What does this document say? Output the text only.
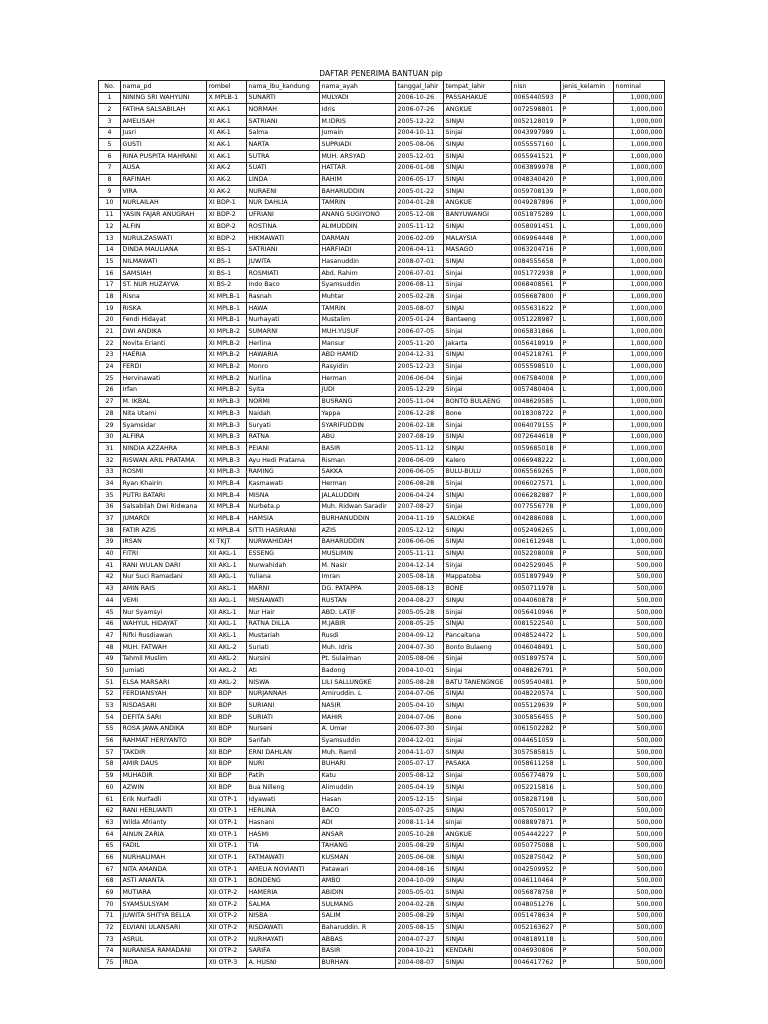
DAFTAR PENERIMA BANTUAN pip
No.	nama_pd	rombel	nama_ibu_kandung	nama_ayah	tanggal_lahir	tempat_lahir	nisn	jenis_kelamin	nominal
1	NINING SRI WAHYUNI	X MPLB-1	SUNARTI	MULYADI	2006-10-26	PASSAHAKUE	0065440593	P	1,000,000
2	FATIHA SALSABILAH	XI AK-1	NORMAH	Idris	2006-07-26	ANGKUE	0072598801	P	1,000,000
3	AMELISAH	XI AK-1	SATRIANI	M.IDRIS	2005-12-22	SINJAI	0052128019	P	1,000,000
4	Jusri	XI AK-1	Salma	Jumain	2004-10-11	Sinjai	0043997989	L	1,000,000
5	GUSTI	XI AK-1	NARTA	SUPRIADI	2005-08-06	SINJAI	0055557160	L	1,000,000
6	RINA PUSPITA MAHRANI	XI AK-1	SUTRA	MUH. ARSYAD	2005-12-01	SINJAI	0055941521	P	1,000,000
7	AUSA	XI AK-2	SUATI	HATTAR	2006-01-08	SINJAI	0063899978	P	1,000,000
8	RAFINAH	XI AK-2	LINDA	RAHIM	2006-05-17	SINJAI	0048340420	P	1,000,000
9	VIRA	XI AK-2	NURAENI	BAHARUDDIN	2005-01-22	SINJAI	0059708139	P	1,000,000
10	NURLAILAH	XI BDP-1	NUR DAHLIA	TAMRIN	2004-01-28	ANGKUE	0049287896	P	1,000,000
11	YASIN FAJAR ANUGRAH	XI BDP-2	UFRIANI	ANANG SUGIYONO	2005-12-08	BANYUWANGI	0051875289	L	1,000,000
12	ALFIN	XI BDP-2	ROSTINA	ALIMUDDIN	2005-11-12	SINJAI	0058091451	L	1,000,000
13	NURULZASWATI	XI BDP-2	HIKMAWATI	DARMAN	2006-02-09	MALAYSIA	0069964448	P	1,000,000
14	DINDA MAULIANA	XI BS-1	SATRIANI	HARFIADI	2006-04-11	MASAGO	0063204716	P	1,000,000
15	NILMAWATI	XI BS-1	JUWITA	Hasanuddin	2008-07-01	SINJAI	0084555658	P	1,000,000
16	SAMSIAH	XI BS-1	ROSMIATI	Abd. Rahim	2006-07-01	Sinjai	0051772938	P	1,000,000
17	ST. NUR HUZAYVA	XI BS-2	Indo Baco	Syamsuddin	2006-08-11	Sinjai	0068408561	P	1,000,000
18	Risna	XI MPLB-1	Rasnah	Muhtar	2005-02-28	Sinjai	0056687800	P	1,000,000
19	RISKA	XI MPLB-1	HAWA	TAMRIN	2005-08-07	SINJAI	0055631622	P	1,000,000
20	Fendi Hidayat	XI MPLB-1	Nurhayati	Mustalim	2005-01-24	Bantaeng	0051228987	L	1,000,000
21	DWI ANDIKA	XI MPLB-2	SUMARNI	MUH.YUSUF	2006-07-05	Sinjai	0065831866	L	1,000,000
22	Novita Erianti	XI MPLB-2	Herlina	Mansur	2005-11-20	Jakarta	0056418919	P	1,000,000
23	HAERIA	XI MPLB-2	HAWARIA	ABD HAMID	2004-12-31	SINJAI	0045218761	P	1,000,000
24	FERDI	XI MPLB-2	Monro	Rasyidin	2005-12-23	Sinjai	0055598510	L	1,000,000
25	Hervinawati	XI MPLB-2	Nurlina	Herman	2006-06-04	Sinjai	0067584008	P	1,000,000
26	Irfan	XI MPLB-2	Syita	JUDI	2005-12-29	Sinjai	0057480404	L	1,000,000
27	M. IKBAL	XI MPLB-3	NORMI	BUSRANG	2005-11-04	BONTO BULAENG	0048629585	L	1,000,000
28	Nita Utami	XI MPLB-3	Naidah	Yappa	2006-12-28	Bone	0018308722	P	1,000,000
29	Syamsidar	XI MPLB-3	Suryati	SYARIFUDDIN	2006-02-18	Sinjai	0064079155	P	1,000,000
30	ALFIRA	XI MPLB-3	RATNA	ABU	2007-08-19	SINJAI	0072644618	P	1,000,000
31	NINDIA AZZAHRA	XI MPLB-3	PEIANI	BASIR	2005-11-12	SINJAI	0059685018	P	1,000,000
32	RISWAN ARIL PRATAMA	XI MPLB-3	Ayu Hedi Pratama	Risman	2006-06-09	Kalero	0066948222	L	1,000,000
33	ROSMI	XI MPLB-3	RAMING	SAKKA	2006-06-05	BULU-BULU	0065569265	P	1,000,000
34	Ryan Khairin	XI MPLB-4	Kasmawati	Herman	2006-08-28	Sinjai	0066027571	L	1,000,000
35	PUTRI BATARI	XI MPLB-4	MISNA	JALALUDDIN	2006-04-24	SINJAI	0066282887	P	1,000,000
36	Salsabilah Dwi Ridwana	XI MPLB-4	Nurbeta.p	Muh. Ridwan Saradir	2007-08-27	Sinjai	0077556778	P	1,000,000
37	JUMARDI	XI MPLB-4	HAMSIA	BURHANUDDIN	2004-11-19	SALOKAE	0042886088	L	1,000,000
38	FATIR AZIS	XI MPLB-4	SITTI HASRIANI	AZIS	2005-12-12	SINJAI	0052496265	L	1,000,000
39	IRSAN	XI TKJT	NURWAHIDAH	BAHARUDDIN	2006-06-06	SINJAI	0061612948	L	1,000,000
40	FITRI	XII AKL-1	ESSENG	MUSLIMIN	2005-11-11	SINJAI	0052208008	P	500,000
41	RANI WULAN DARI	XII AKL-1	Nurwahidah	M. Nasir	2004-12-14	Sinjai	0042529045	P	500,000
42	Nur Suci Ramadani	XII AKL-1	Yuliana	Imran	2005-08-18	Mappatoba	0051897949	P	500,000
43	AMIN RAIS	XII AKL-1	MARNI	DG. PATAPPA	2005-08-13	BONE	0050711978	L	500,000
44	VEMI	XII AKL-1	MISNAWATI	RUSTAN	2004-08-27	SINJAI	0044060878	P	500,000
45	Nur Syamsyi	XII AKL-1	Nur Hair	ABD. LATIF	2005-05-28	Sinjai	0056410946	P	500,000
46	WAHYUL HIDAYAT	XII AKL-1	RATNA DILLA	M.JABIR	2008-05-25	SINJAI	0081522540	L	500,000
47	Rifki Rusdiawan	XII AKL-1	Mustariah	Rusdi	2004-09-12	Pancaitana	0048524472	L	500,000
48	MUH. FATWAH	XII AKL-2	Suriati	Muh. Idris	2004-07-30	Bonto Bulaeng	0046048491	L	500,000
49	Tahmil Muslim	XII AKL-2	Nursini	Pt. Sulaiman	2005-08-06	Sinjai	0051897574	L	500,000
50	Jumiati	XII AKL-2	Ati	Badong	2004-10-01	Sinjai	0048826791	P	500,000
51	ELSA MARSARI	XII AKL-2	NISWA	LILI SALLUNGKE	2005-08-28	BATU TANENGNGE	0059540481	P	500,000
52	FERDIANSYAH	XII BDP	NURJANNAH	Amiruddin. L	2004-07-06	SINJAI	0048220574	L	500,000
53	RISDASARI	XII BDP	SURIANI	NASIR	2005-04-10	SINJAI	0055129639	P	500,000
54	DEFITA SARI	XII BDP	SURIATI	MAHIR	2004-07-06	Bone	3005856455	P	500,000
55	ROSA JAWA ANDIKA	XII BDP	Nurseni	A. Umar	2006-07-30	Sinjai	0061502282	P	500,000
56	RAHMAT HERIYANTO	XII BDP	Sarifah	Syamsuddin	2004-12-01	Sinjai	0044651059	L	500,000
57	TAKDIR	XII BDP	ERNI DAHLAN	Muh. Ramli	2004-11-07	SINJAI	3057585815	L	500,000
58	AMIR DAUS	XII BDP	NURI	BUHARI	2005-07-17	PASAKA	0058611258	L	500,000
59	MUHADIR	XII BDP	Patih	Katu	2005-08-12	Sinjai	0056774879	L	500,000
60	AZWIN	XII BDP	Bua Nilleng	Alimuddin	2005-04-19	SINJAI	0052215816	L	500,000
61	Erik Nurfadli	XII OTP-1	Idyawati	Hasan	2005-12-15	Sinjai	0058287198	L	500,000
62	RANI HERLIANTI	XII OTP-1	HERLINA	BACO	2005-07-25	SINJAI	0057050017	P	500,000
63	Wilda Afrianty	XII OTP-1	Hasnani	ADI	2008-11-14	sinjai	0088897871	P	500,000
64	AINUN ZARIA	XII OTP-1	HASMI	ANSAR	2005-10-28	ANGKUE	0054442227	P	500,000
65	FADIL	XII OTP-1	TIA	TAHANG	2005-08-29	SINJAI	0050775088	L	500,000
66	NURHALIMAH	XII OTP-1	FATMAWATI	KUSMAN	2005-06-08	SINJAI	0052875042	P	500,000
67	NITA AMANDA	XII OTP-1	AMELIA NOVIANTI	Patawari	2004-08-16	SINJAI	0042509952	P	500,000
68	ASTI ANANTA	XII OTP-1	BONDENG	AMBO	2004-10-09	SINJAI	0046110464	P	500,000
69	MUTIARA	XII OTP-2	HAMERIA	ABIDIN	2005-05-01	SINJAI	0056878758	P	500,000
70	SYAMSULSYAM	XII OTP-2	SALMA	SULMANG	2004-02-28	SINJAI	0048051276	L	500,000
71	JUWITA SHITYA BELLA	XII OTP-2	NISBA	SALIM	2005-08-29	SINJAI	0051478634	P	500,000
72	ELVIANI ULANSARI	XII OTP-2	RISDAWATI	Baharuddin. R	2005-08-15	SINJAI	0052163627	P	500,000
73	ASRUL	XII OTP-2	NURHAYATI	ABBAS	2004-07-27	SINJAI	0048189118	L	500,000
74	NURANISA RAMADANI	XII OTP-2	SARIFA	BASIR	2004-10-21	KENDARI	0046930806	P	500,000
75	IRDA	XII OTP-3	A. HUSNI	BURHAN	2004-08-07	SINJAI	0046417762	P	500,000
